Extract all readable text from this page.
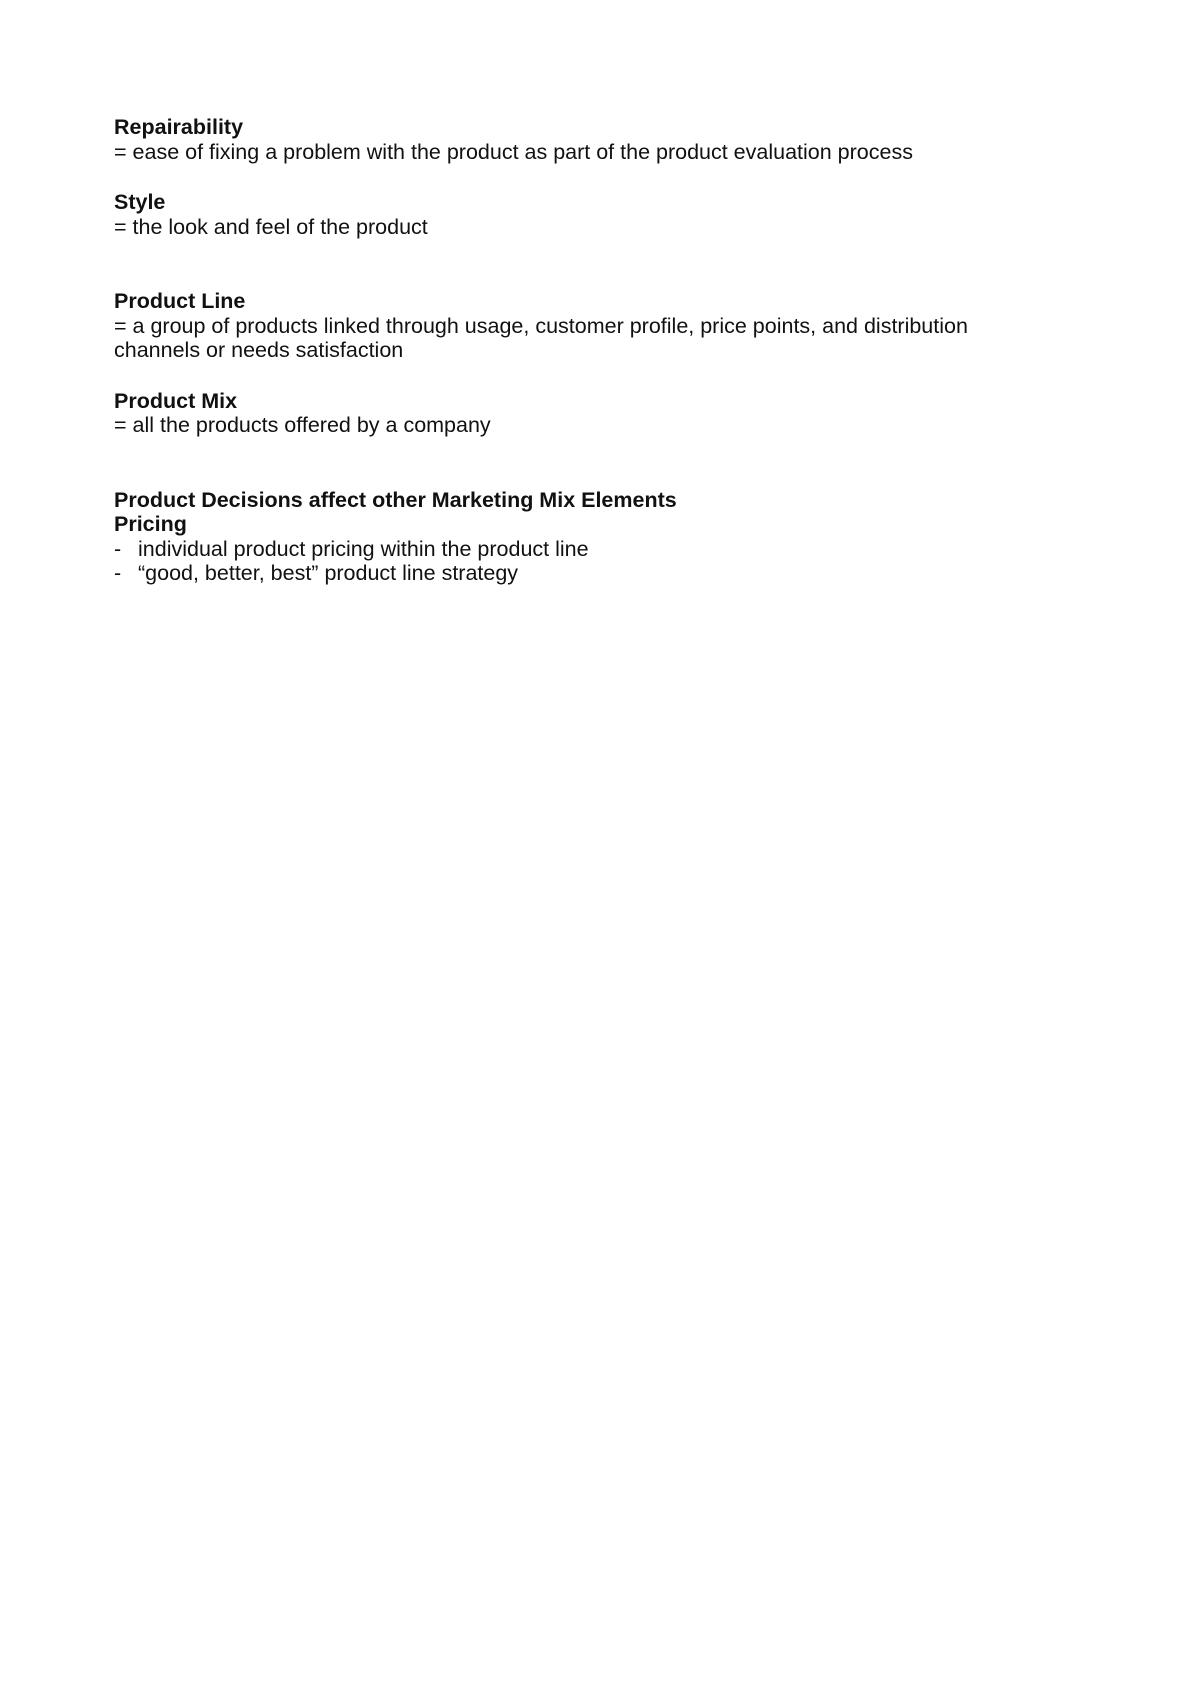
Repairability

= ease of fixing a problem with the product as part of the product evaluation process

Style

= the look and feel of the product

Product Line

= a group of products linked through usage, customer profile, price points, and distribution

channels or needs satisfaction

Product Mix

= all the products offered by a company

Product Decisions affect other Marketing Mix Elements

Pricing

- individual product pricing within the product line
- “good, better, best” product line strategy
